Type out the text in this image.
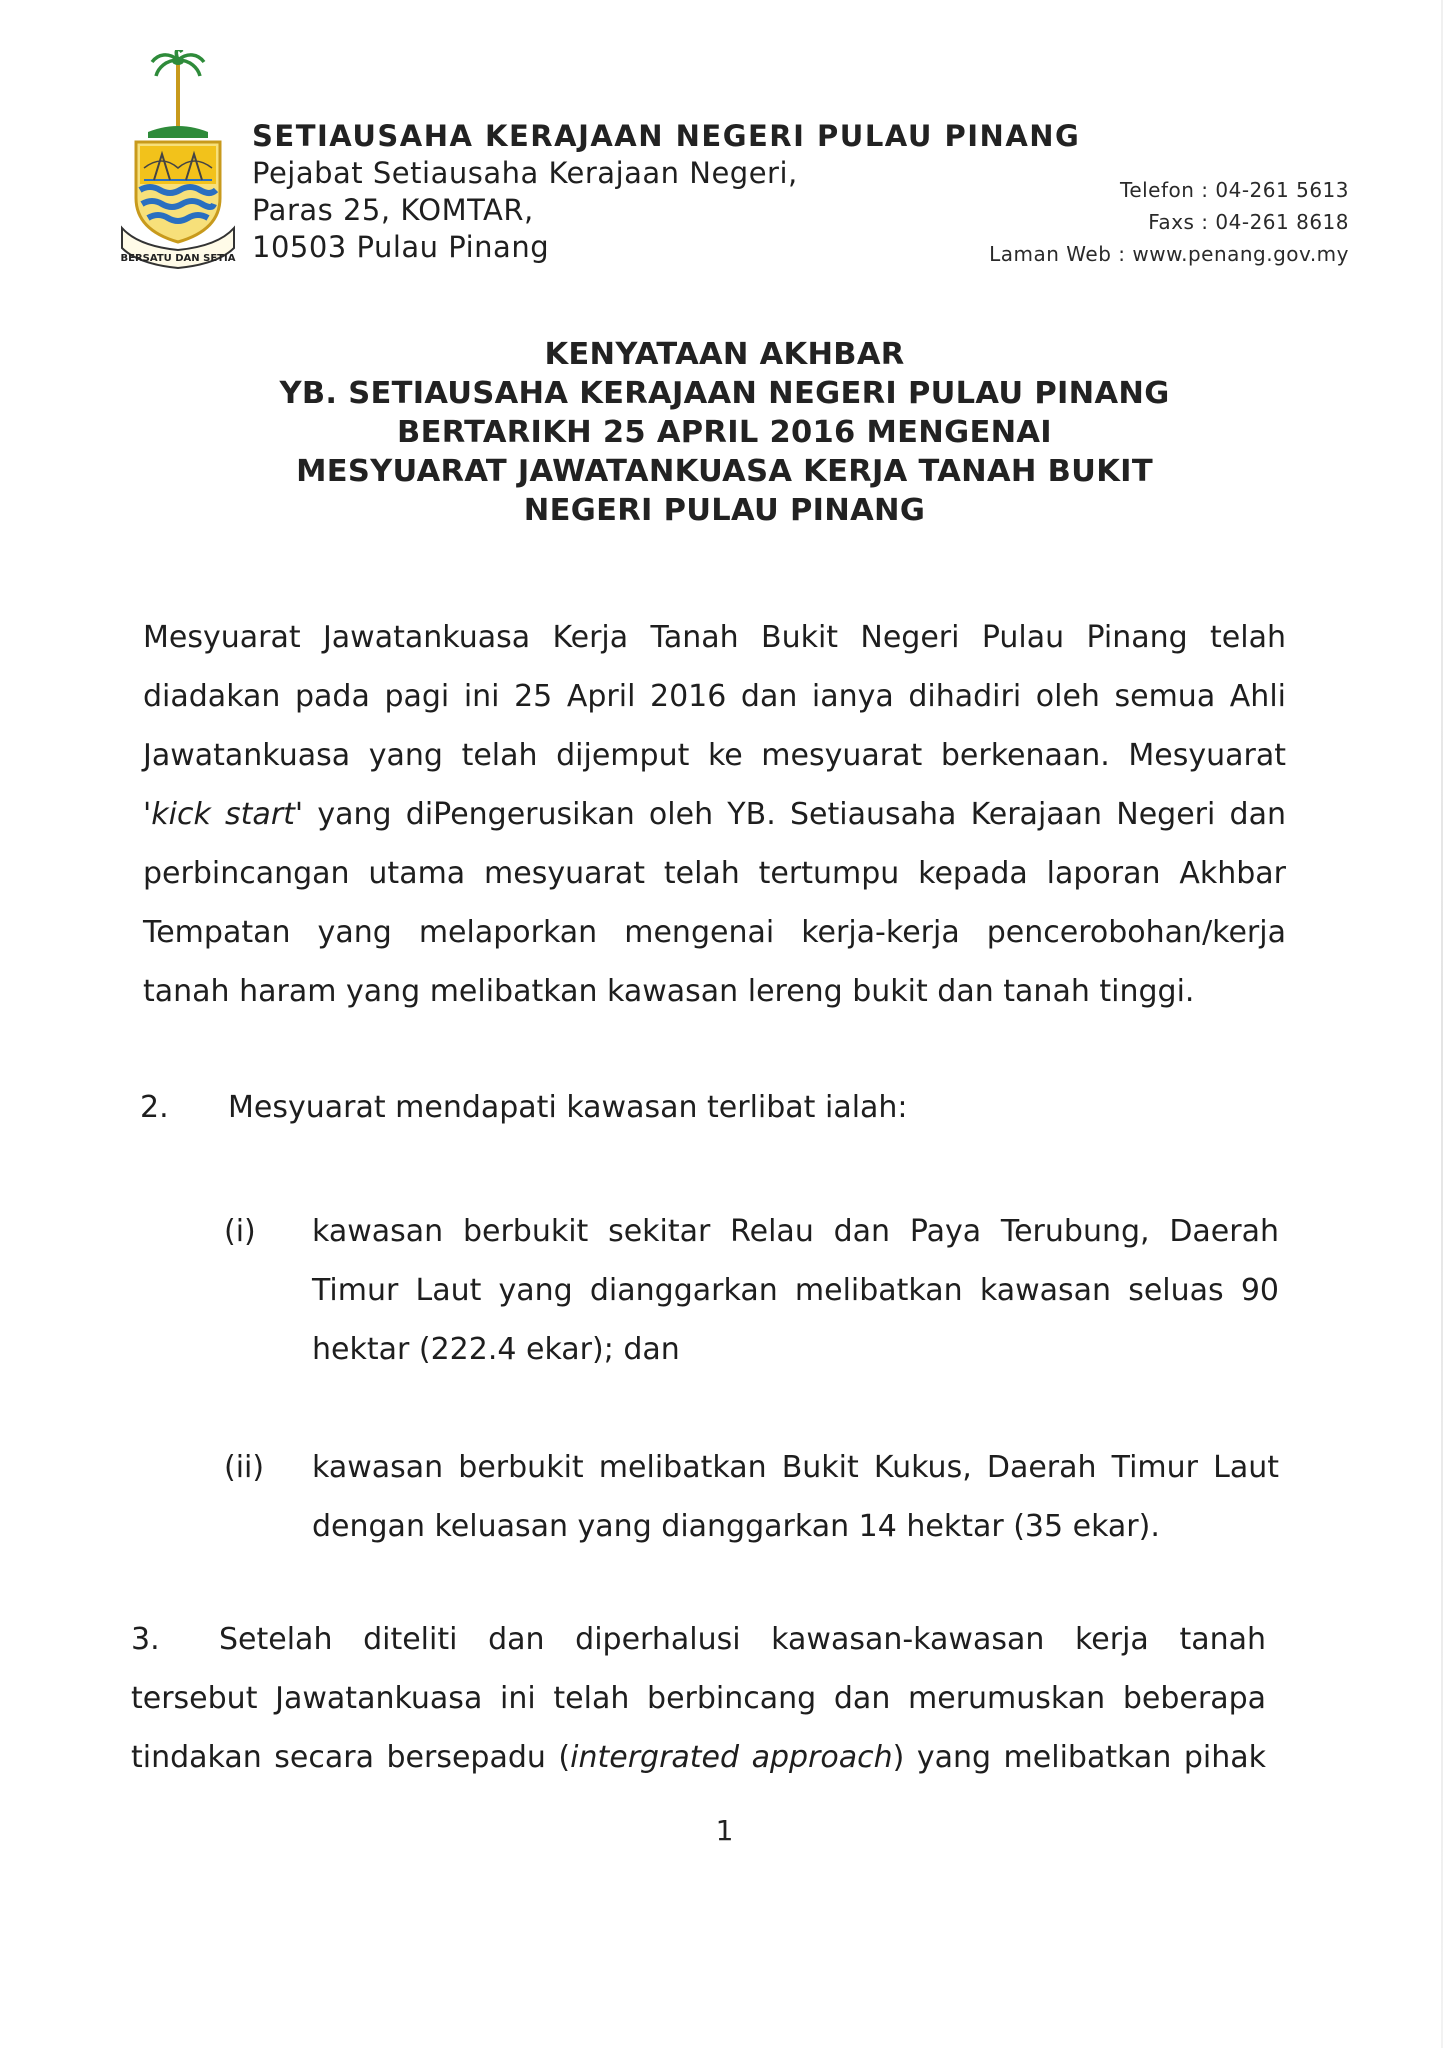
BERSATU DAN SETIA
SETIAUSAHA KERAJAAN NEGERI PULAU PINANG
Pejabat Setiausaha Kerajaan Negeri,
Paras 25, KOMTAR,
10503 Pulau Pinang
Telefon : 04-261 5613
Faxs : 04-261 8618
Laman Web : www.penang.gov.my
KENYATAAN AKHBAR
YB. SETIAUSAHA KERAJAAN NEGERI PULAU PINANG
BERTARIKH 25 APRIL 2016 MENGENAI
MESYUARAT JAWATANKUASA KERJA TANAH BUKIT
NEGERI PULAU PINANG
Mesyuarat Jawatankuasa Kerja Tanah Bukit Negeri Pulau Pinang telah
diadakan pada pagi ini 25 April 2016 dan ianya dihadiri oleh semua Ahli
Jawatankuasa yang telah dijemput ke mesyuarat berkenaan. Mesyuarat
'kick start' yang diPengerusikan oleh YB. Setiausaha Kerajaan Negeri dan
perbincangan utama mesyuarat telah tertumpu kepada laporan Akhbar
Tempatan yang melaporkan mengenai kerja-kerja pencerobohan/kerja
tanah haram yang melibatkan kawasan lereng bukit dan tanah tinggi.
2. Mesyuarat mendapati kawasan terlibat ialah:
(i) kawasan berbukit sekitar Relau dan Paya Terubung, Daerah
Timur Laut yang dianggarkan melibatkan kawasan seluas 90
hektar (222.4 ekar); dan
(ii) kawasan berbukit melibatkan Bukit Kukus, Daerah Timur Laut
dengan keluasan yang dianggarkan 14 hektar (35 ekar).
3. Setelah diteliti dan diperhalusi kawasan-kawasan kerja tanah
tersebut Jawatankuasa ini telah berbincang dan merumuskan beberapa
tindakan secara bersepadu (intergrated approach) yang melibatkan pihak
1
